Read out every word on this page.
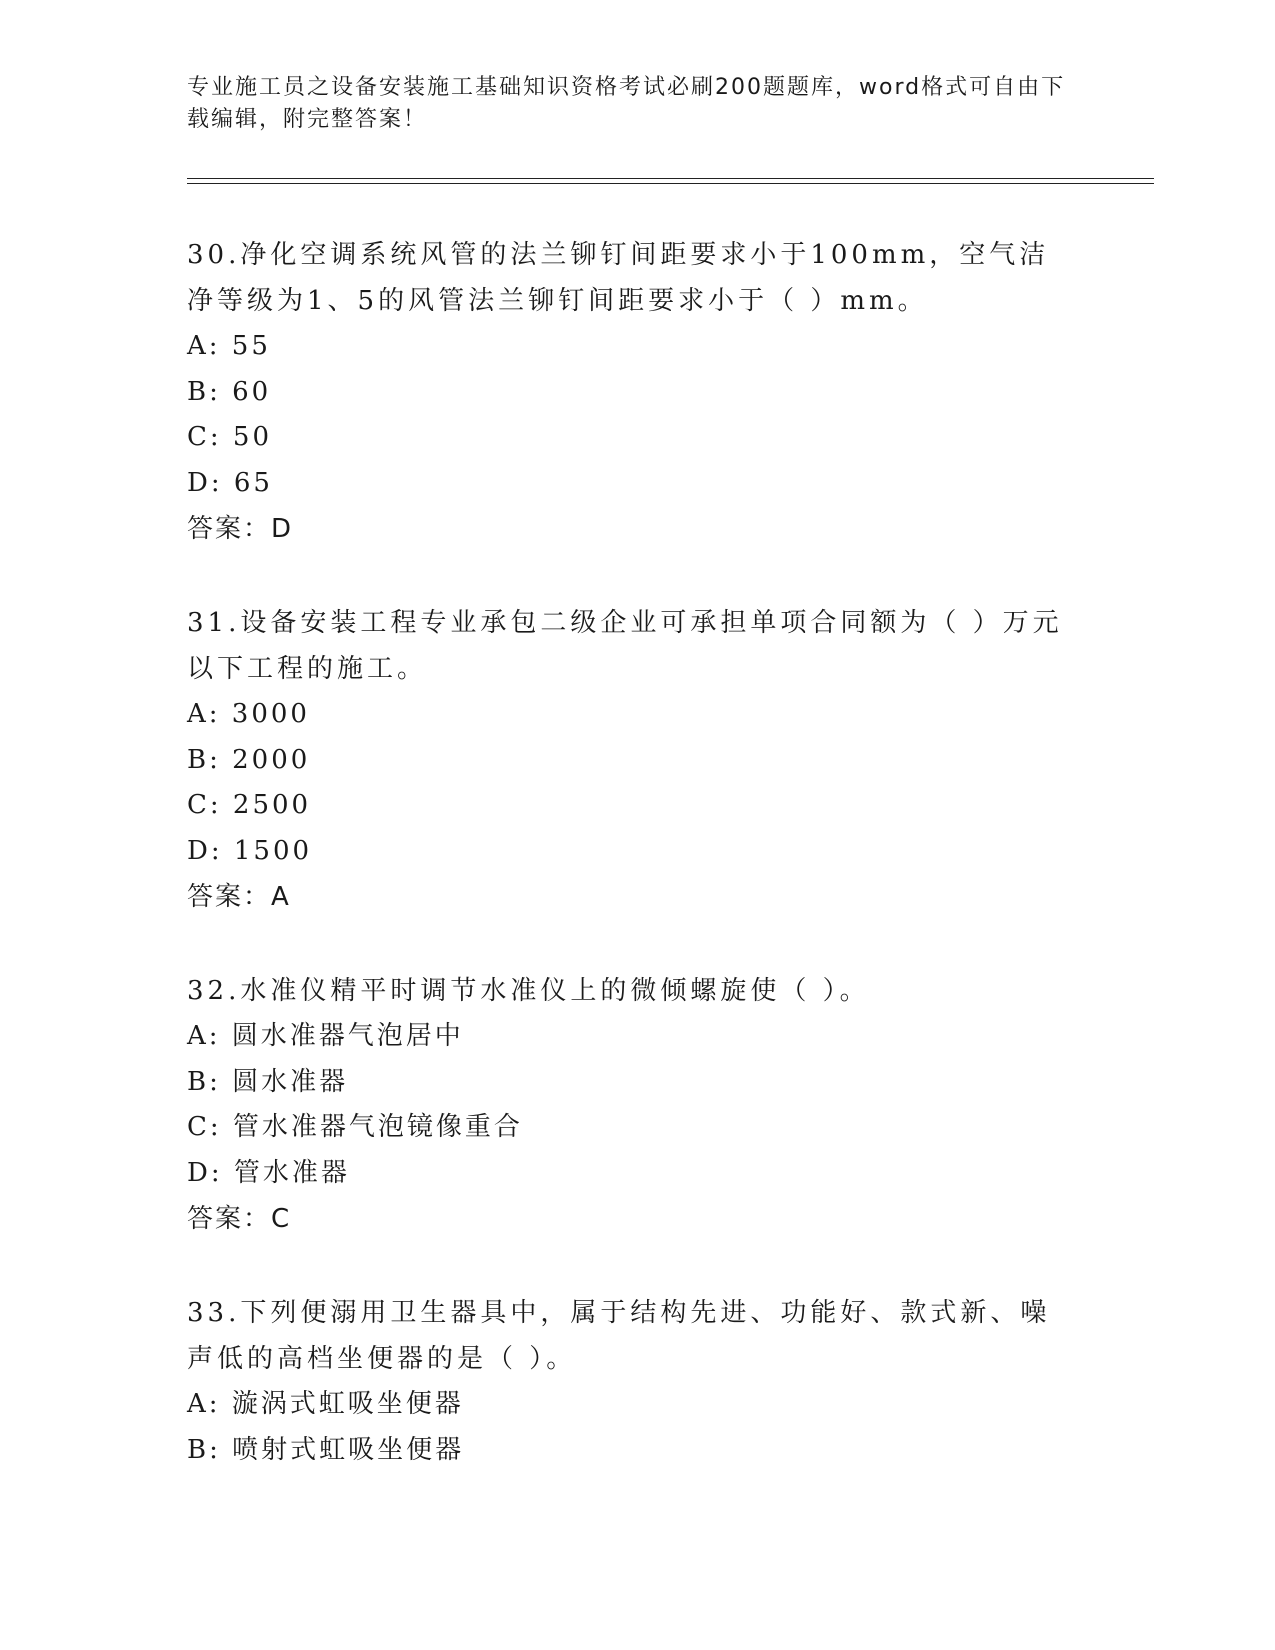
专业施工员之设备安装施工基础知识资格考试必刷200题题库，word格式可自由下载编辑，附完整答案！

30.净化空调系统风管的法兰铆钉间距要求小于100mm，空气洁净等级为1、5的风管法兰铆钉间距要求小于（ ）mm。

A: 55

B: 60

C: 50

D: 65

答案：D

31.设备安装工程专业承包二级企业可承担单项合同额为（ ）万元以下工程的施工。

A: 3000

B: 2000

C: 2500

D: 1500

答案：A

32.水准仪精平时调节水准仪上的微倾螺旋使（ ）。

A: 圆水准器气泡居中

B: 圆水准器

C: 管水准器气泡镜像重合

D: 管水准器

答案：C

33.下列便溺用卫生器具中，属于结构先进、功能好、款式新、噪声低的高档坐便器的是（ ）。

A: 漩涡式虹吸坐便器

B: 喷射式虹吸坐便器
